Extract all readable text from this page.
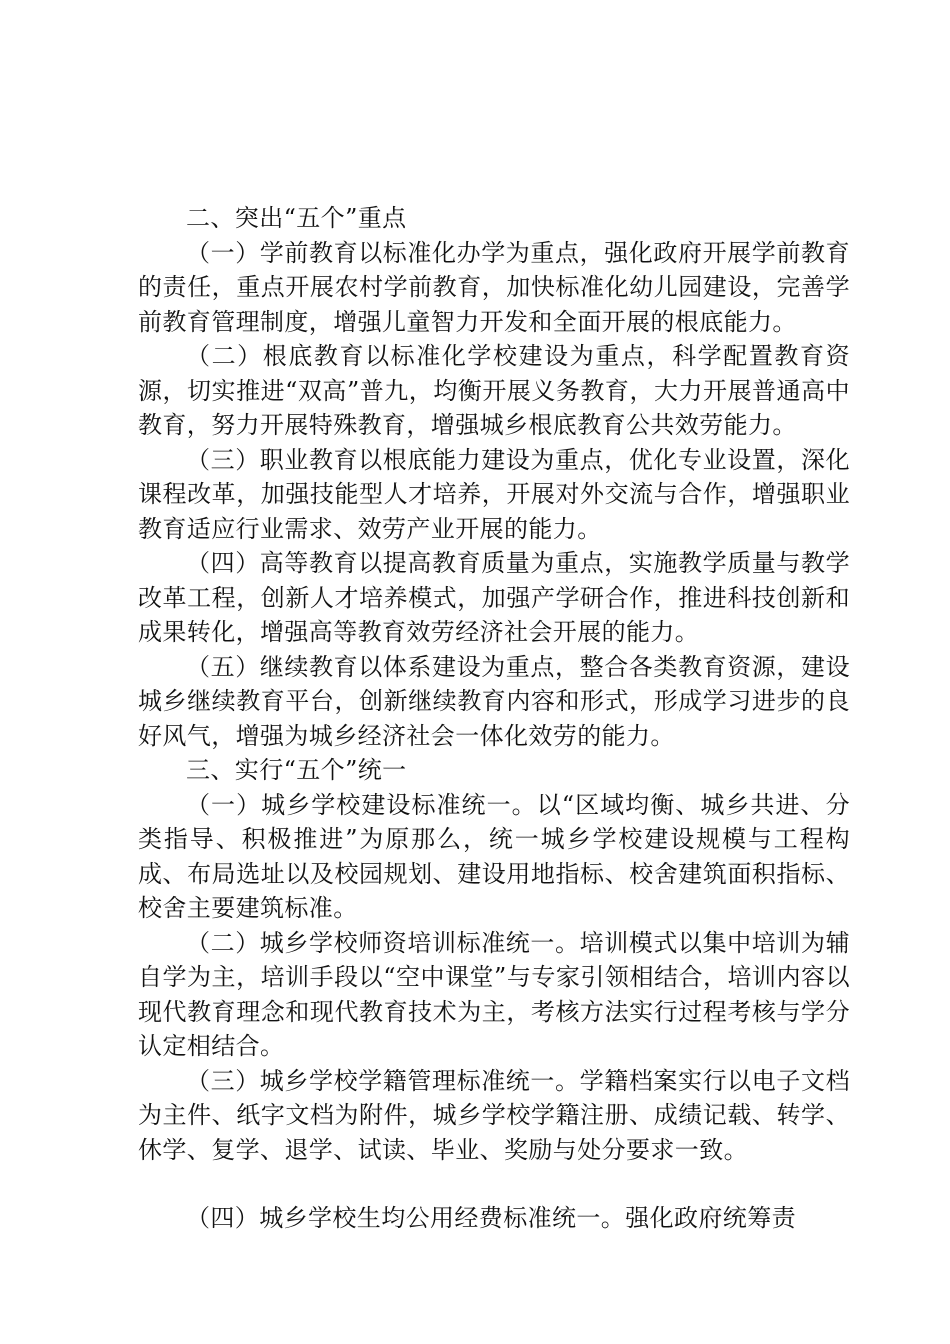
二、突出“五个”重点

（一）学前教育以标准化办学为重点，强化政府开展学前教育的责任，重点开展农村学前教育，加快标准化幼儿园建设，完善学前教育管理制度，增强儿童智力开发和全面开展的根底能力。

（二）根底教育以标准化学校建设为重点，科学配置教育资源，切实推进“双高”普九，均衡开展义务教育，大力开展普通高中教育，努力开展特殊教育，增强城乡根底教育公共效劳能力。

（三）职业教育以根底能力建设为重点，优化专业设置，深化课程改革，加强技能型人才培养，开展对外交流与合作，增强职业教育适应行业需求、效劳产业开展的能力。

（四）高等教育以提高教育质量为重点，实施教学质量与教学改革工程，创新人才培养模式，加强产学研合作，推进科技创新和成果转化，增强高等教育效劳经济社会开展的能力。

（五）继续教育以体系建设为重点，整合各类教育资源，建设城乡继续教育平台，创新继续教育内容和形式，形成学习进步的良好风气，增强为城乡经济社会一体化效劳的能力。

三、实行“五个”统一

（一）城乡学校建设标准统一。以“区域均衡、城乡共进、分类指导、积极推进”为原那么，统一城乡学校建设规模与工程构成、布局选址以及校园规划、建设用地指标、校舍建筑面积指标、校舍主要建筑标准。

（二）城乡学校师资培训标准统一。培训模式以集中培训为辅自学为主，培训手段以“空中课堂”与专家引领相结合，培训内容以现代教育理念和现代教育技术为主，考核方法实行过程考核与学分认定相结合。

（三）城乡学校学籍管理标准统一。学籍档案实行以电子文档为主件、纸字文档为附件，城乡学校学籍注册、成绩记载、转学、休学、复学、退学、试读、毕业、奖励与处分要求一致。

（四）城乡学校生均公用经费标准统一。强化政府统筹责
